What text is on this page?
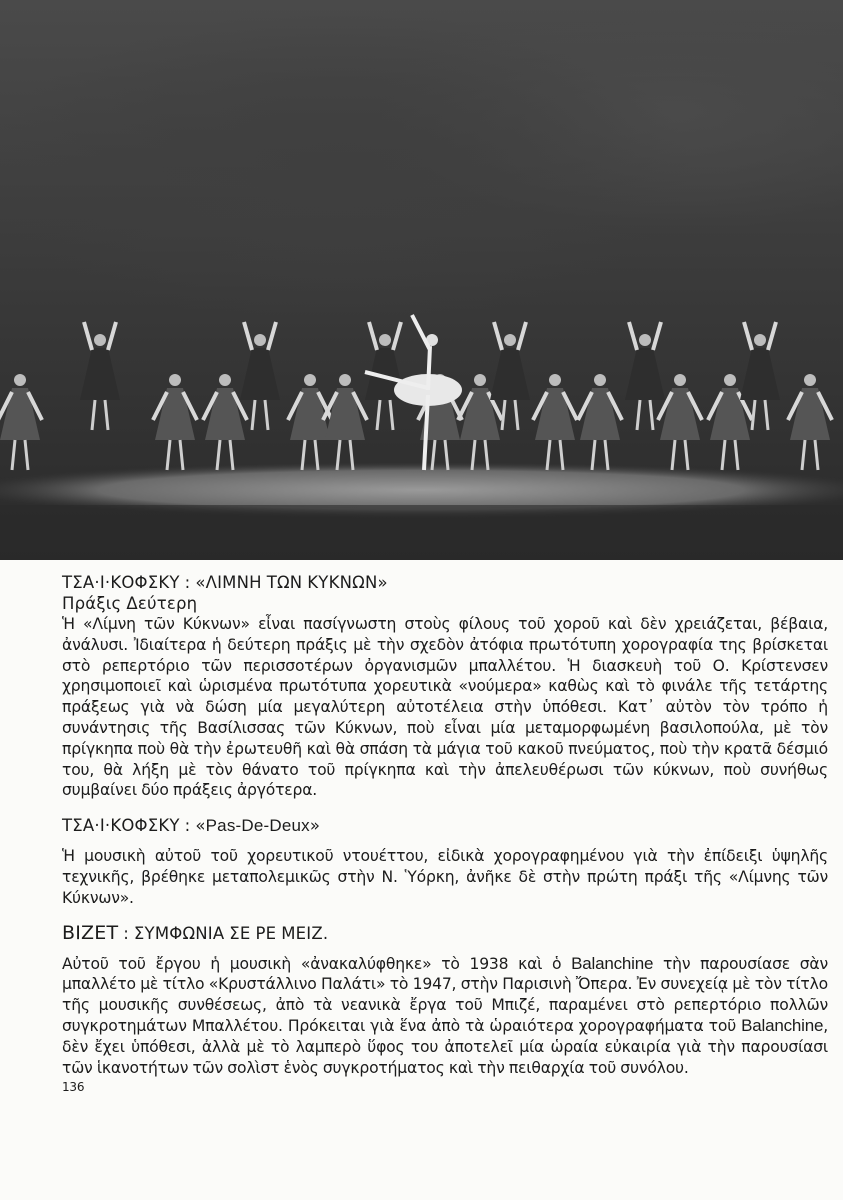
ΤΣΑ·Ι·ΚΟΦΣΚΥ : «ΛΙΜΝΗ ΤΩΝ ΚΥΚΝΩΝ»
Πράξις Δεύτερη
Ἡ «Λίμνη τῶν Κύκνων» εἶναι πασίγνωστη στοὺς φίλους τοῦ χοροῦ καὶ δὲν χρειάζεται, βέβαια, ἀνάλυσι. Ἰδιαίτερα ἡ δεύτερη πράξις μὲ τὴν σχεδὸν ἀτόφια πρωτότυπη χορογραφία της βρίσκεται στὸ ρεπερτόριο τῶν περισσοτέρων ὀργανισμῶν μπαλλέτου. Ἡ διασκευὴ τοῦ Ο. Κρίστενσεν χρησιμοποιεῖ καὶ ὡρισμένα πρωτότυπα χορευτικὰ «νούμερα» καθὼς καὶ τὸ φινάλε τῆς τετάρτης πράξεως γιὰ νὰ δώση μία μεγαλύτερη αὐτοτέλεια στὴν ὑπόθεσι. Κατ᾽ αὐτὸν τὸν τρόπο ἡ συνάντησις τῆς Βασίλισσας τῶν Κύκνων, ποὺ εἶναι μία μεταμορφωμένη βασιλοπούλα, μὲ τὸν πρίγκηπα ποὺ θὰ τὴν ἐρωτευθῆ καὶ θὰ σπάση τὰ μάγια τοῦ κακοῦ πνεύματος, ποὺ τὴν κρατᾶ δέσμιό του, θὰ λήξη μὲ τὸν θάνατο τοῦ πρίγκηπα καὶ τὴν ἀπελευθέρωσι τῶν κύκνων, ποὺ συνήθως συμβαίνει δύο πράξεις ἀργότερα.
ΤΣΑ·Ι·ΚΟΦΣΚΥ : «Pas-De-Deux»
Ἡ μουσικὴ αὐτοῦ τοῦ χορευτικοῦ ντουέττου, εἰδικὰ χορογραφημένου γιὰ τὴν ἐπίδειξι ὑψηλῆς τεχνικῆς, βρέθηκε μεταπολεμικῶς στὴν Ν. Ὑόρκη, ἀνῆκε δὲ στὴν πρώτη πράξι τῆς «Λίμνης τῶν Κύκνων».
ΒΙΖΕΤ : ΣΥΜΦΩΝΙΑ ΣΕ ΡΕ ΜΕΙΖ.
Αὐτοῦ τοῦ ἔργου ἡ μουσικὴ «ἀνακαλύφθηκε» τὸ 1938 καὶ ὁ Balanchine τὴν παρουσίασε σὰν μπαλλέτο μὲ τίτλο «Κρυστάλλινο Παλάτι» τὸ 1947, στὴν Παρισινὴ Ὄπερα. Ἐν συνεχείᾳ μὲ τὸν τίτλο τῆς μουσικῆς συνθέσεως, ἀπὸ τὰ νεανικὰ ἔργα τοῦ Μπιζέ, παραμένει στὸ ρεπερτόριο πολλῶν συγκροτημάτων Μπαλλέτου. Πρόκειται γιὰ ἕνα ἀπὸ τὰ ὡραιότερα χορογραφήματα τοῦ Balanchine, δὲν ἔχει ὑπόθεσι, ἀλλὰ μὲ τὸ λαμπερὸ ὕφος του ἀποτελεῖ μία ὡραία εὐκαιρία γιὰ τὴν παρουσίασι τῶν ἱκανοτήτων τῶν σολὶστ ἑνὸς συγκροτήματος καὶ τὴν πειθαρχία τοῦ συνόλου.
136
